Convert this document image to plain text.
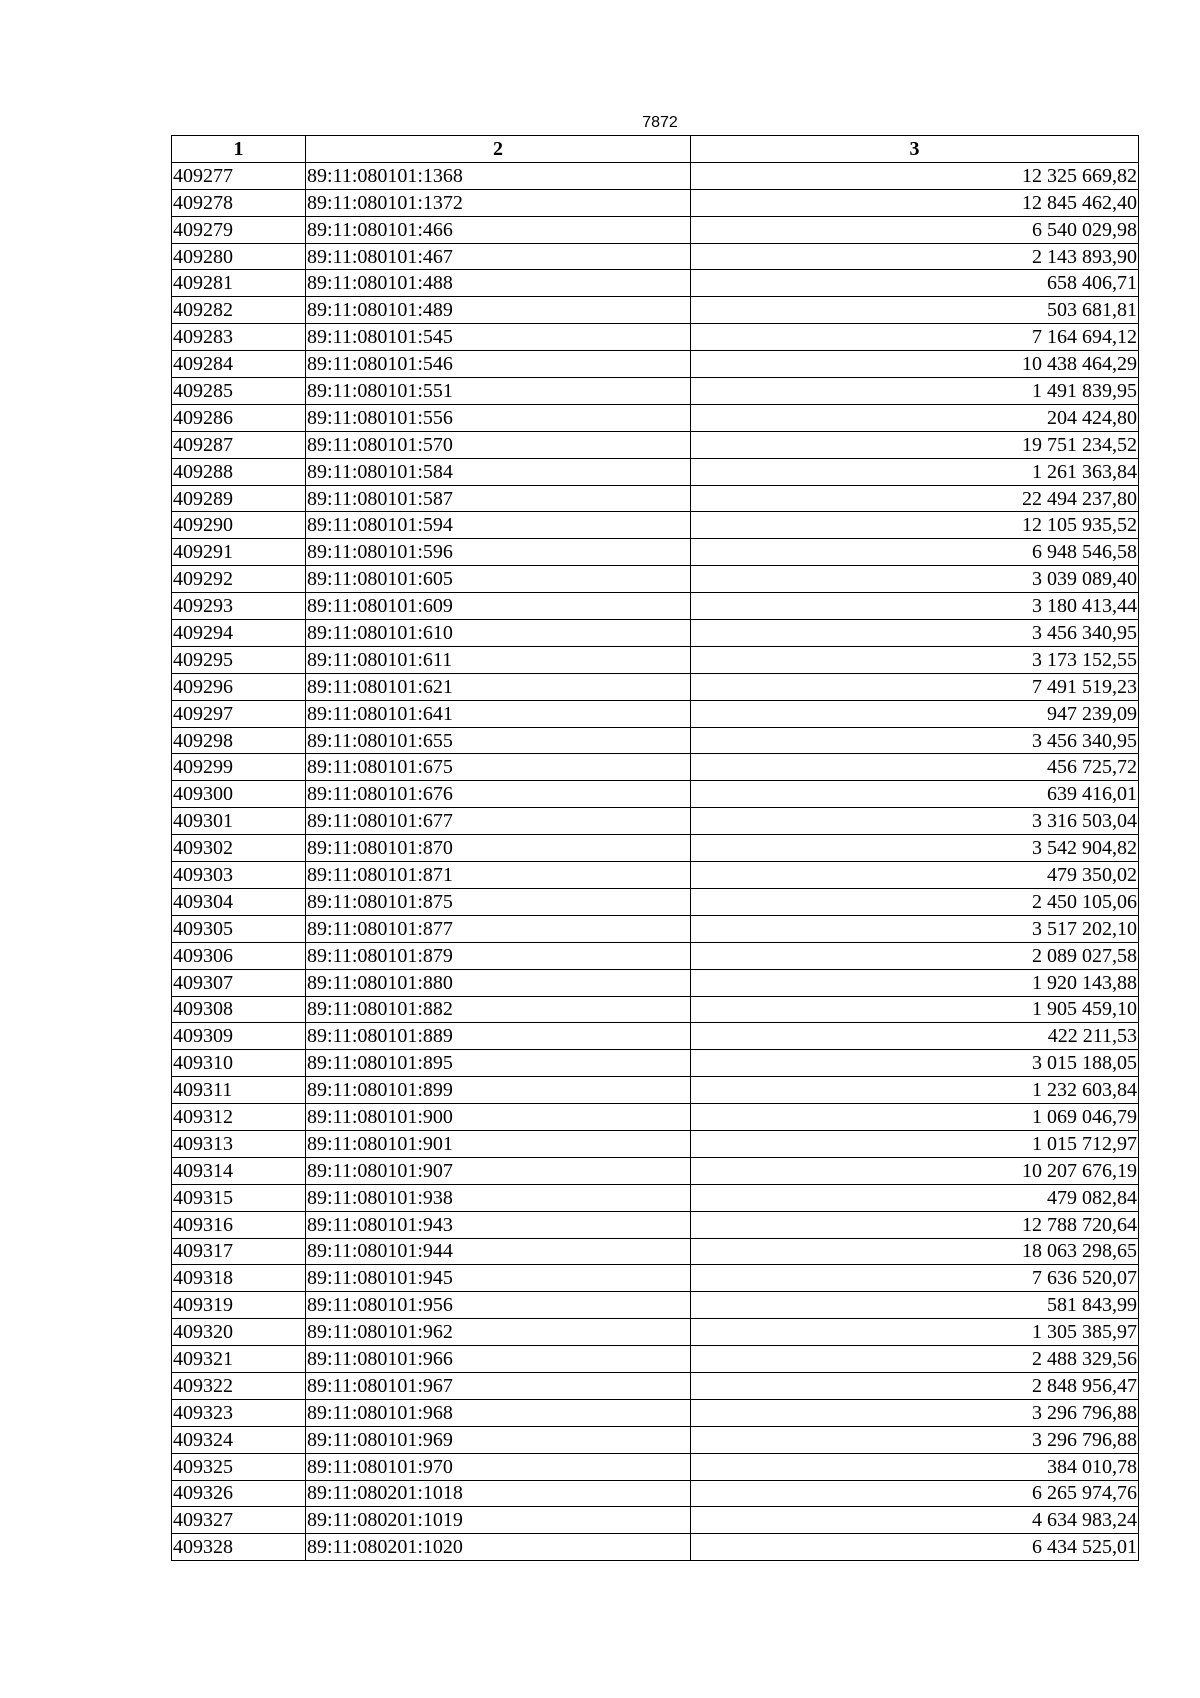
7872
1	2	3
409277	89:11:080101:1368	12 325 669,82
409278	89:11:080101:1372	12 845 462,40
409279	89:11:080101:466	6 540 029,98
409280	89:11:080101:467	2 143 893,90
409281	89:11:080101:488	658 406,71
409282	89:11:080101:489	503 681,81
409283	89:11:080101:545	7 164 694,12
409284	89:11:080101:546	10 438 464,29
409285	89:11:080101:551	1 491 839,95
409286	89:11:080101:556	204 424,80
409287	89:11:080101:570	19 751 234,52
409288	89:11:080101:584	1 261 363,84
409289	89:11:080101:587	22 494 237,80
409290	89:11:080101:594	12 105 935,52
409291	89:11:080101:596	6 948 546,58
409292	89:11:080101:605	3 039 089,40
409293	89:11:080101:609	3 180 413,44
409294	89:11:080101:610	3 456 340,95
409295	89:11:080101:611	3 173 152,55
409296	89:11:080101:621	7 491 519,23
409297	89:11:080101:641	947 239,09
409298	89:11:080101:655	3 456 340,95
409299	89:11:080101:675	456 725,72
409300	89:11:080101:676	639 416,01
409301	89:11:080101:677	3 316 503,04
409302	89:11:080101:870	3 542 904,82
409303	89:11:080101:871	479 350,02
409304	89:11:080101:875	2 450 105,06
409305	89:11:080101:877	3 517 202,10
409306	89:11:080101:879	2 089 027,58
409307	89:11:080101:880	1 920 143,88
409308	89:11:080101:882	1 905 459,10
409309	89:11:080101:889	422 211,53
409310	89:11:080101:895	3 015 188,05
409311	89:11:080101:899	1 232 603,84
409312	89:11:080101:900	1 069 046,79
409313	89:11:080101:901	1 015 712,97
409314	89:11:080101:907	10 207 676,19
409315	89:11:080101:938	479 082,84
409316	89:11:080101:943	12 788 720,64
409317	89:11:080101:944	18 063 298,65
409318	89:11:080101:945	7 636 520,07
409319	89:11:080101:956	581 843,99
409320	89:11:080101:962	1 305 385,97
409321	89:11:080101:966	2 488 329,56
409322	89:11:080101:967	2 848 956,47
409323	89:11:080101:968	3 296 796,88
409324	89:11:080101:969	3 296 796,88
409325	89:11:080101:970	384 010,78
409326	89:11:080201:1018	6 265 974,76
409327	89:11:080201:1019	4 634 983,24
409328	89:11:080201:1020	6 434 525,01
